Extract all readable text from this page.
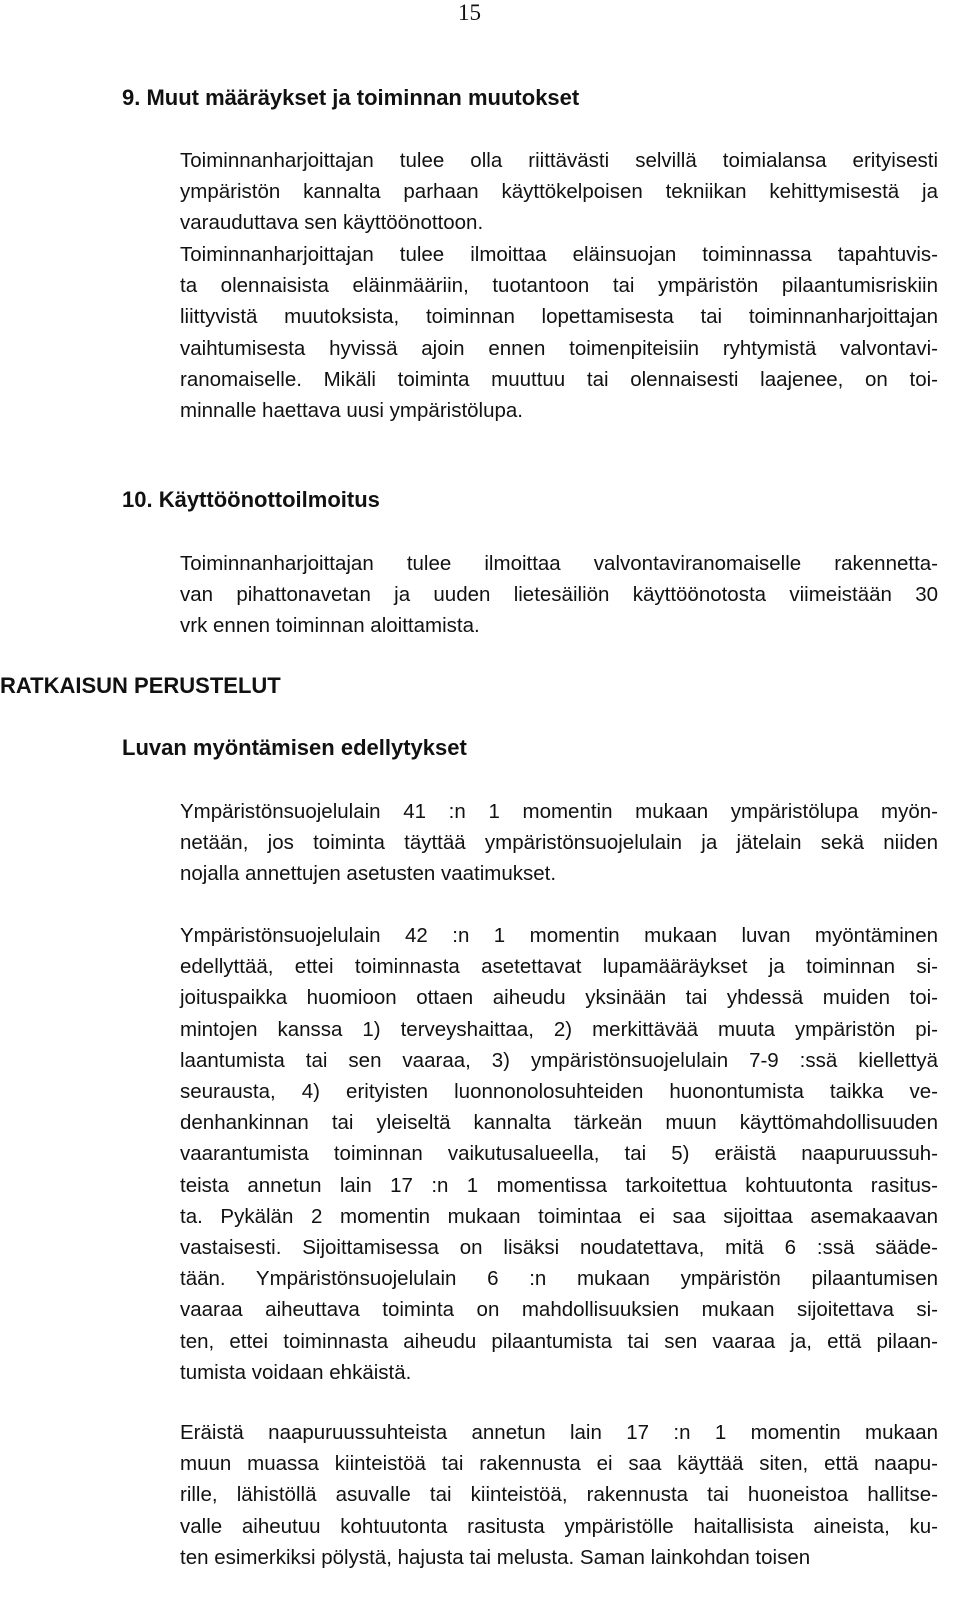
15
9. Muut määräykset ja toiminnan muutokset
Toiminnanharjoittajan tulee olla riittävästi selvillä toimialansa erityisesti
ympäristön kannalta parhaan käyttökelpoisen tekniikan kehittymisestä ja
varauduttava sen käyttöönottoon.
Toiminnanharjoittajan tulee ilmoittaa eläinsuojan toiminnassa tapahtuvis-
ta olennaisista eläinmääriin, tuotantoon tai ympäristön pilaantumisriskiin
liittyvistä muutoksista, toiminnan lopettamisesta tai toiminnanharjoittajan
vaihtumisesta hyvissä ajoin ennen toimenpiteisiin ryhtymistä valvontavi-
ranomaiselle. Mikäli toiminta muuttuu tai olennaisesti laajenee, on toi-
minnalle haettava uusi ympäristölupa.
10. Käyttöönottoilmoitus
Toiminnanharjoittajan tulee ilmoittaa valvontaviranomaiselle rakennetta-
van pihattonavetan ja uuden lietesäiliön käyttöönotosta viimeistään 30
vrk ennen toiminnan aloittamista.
RATKAISUN PERUSTELUT
Luvan myöntämisen edellytykset
Ympäristönsuojelulain 41 :n 1 momentin mukaan ympäristölupa myön-
netään, jos toiminta täyttää ympäristönsuojelulain ja jätelain sekä niiden
nojalla annettujen asetusten vaatimukset.
Ympäristönsuojelulain 42 :n 1 momentin mukaan luvan myöntäminen
edellyttää, ettei toiminnasta asetettavat lupamääräykset ja toiminnan si-
joituspaikka huomioon ottaen aiheudu yksinään tai yhdessä muiden toi-
mintojen kanssa 1) terveyshaittaa, 2) merkittävää muuta ympäristön pi-
laantumista tai sen vaaraa, 3) ympäristönsuojelulain 7-9 :ssä kiellettyä
seurausta, 4) erityisten luonnonolosuhteiden huonontumista taikka ve-
denhankinnan tai yleiseltä kannalta tärkeän muun käyttömahdollisuuden
vaarantumista toiminnan vaikutusalueella, tai 5) eräistä naapuruussuh-
teista annetun lain 17 :n 1 momentissa tarkoitettua kohtuutonta rasitus-
ta. Pykälän 2 momentin mukaan toimintaa ei saa sijoittaa asemakaavan
vastaisesti. Sijoittamisessa on lisäksi noudatettava, mitä 6 :ssä sääde-
tään. Ympäristönsuojelulain 6 :n mukaan ympäristön pilaantumisen
vaaraa aiheuttava toiminta on mahdollisuuksien mukaan sijoitettava si-
ten, ettei toiminnasta aiheudu pilaantumista tai sen vaaraa ja, että pilaan-
tumista voidaan ehkäistä.
Eräistä naapuruussuhteista annetun lain 17 :n 1 momentin mukaan
muun muassa kiinteistöä tai rakennusta ei saa käyttää siten, että naapu-
rille, lähistöllä asuvalle tai kiinteistöä, rakennusta tai huoneistoa hallitse-
valle aiheutuu kohtuutonta rasitusta ympäristölle haitallisista aineista, ku-
ten esimerkiksi pölystä, hajusta tai melusta. Saman lainkohdan toisen
